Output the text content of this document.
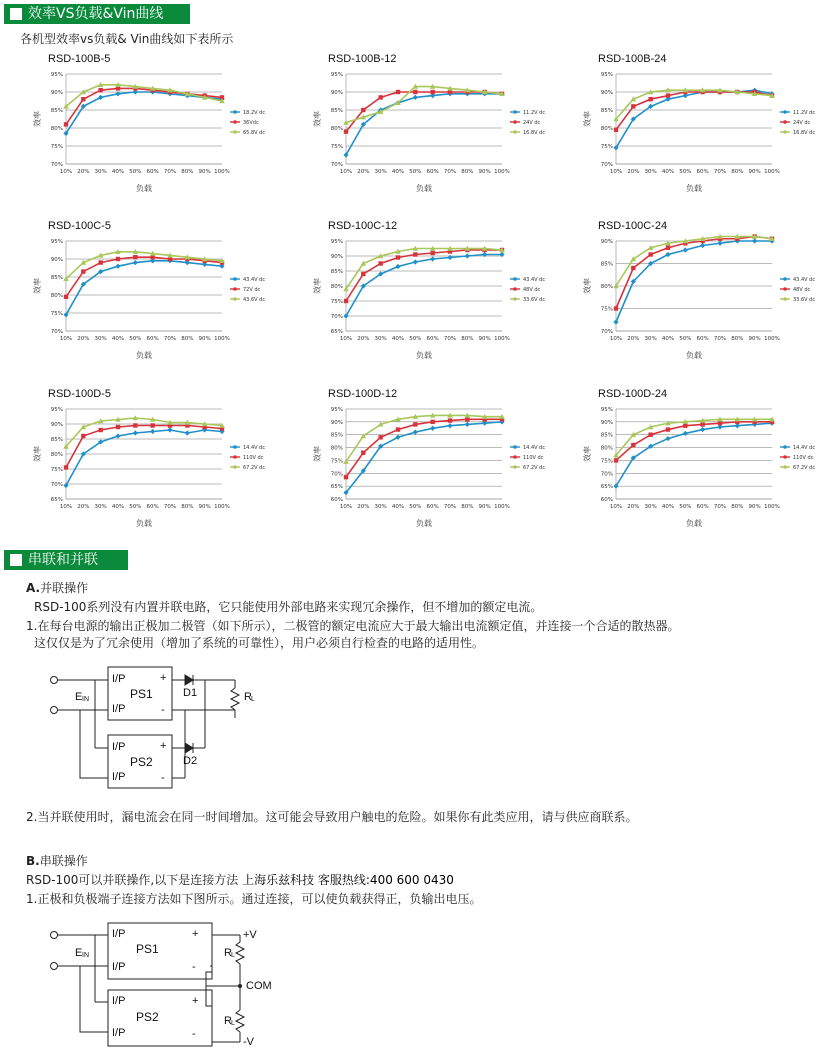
效率VS负载&Vin曲线
各机型效率vs负载& Vin曲线如下表所示
RSD-100B-5
70%
75%
80%
85%
90%
95%
10% 20% 30% 40% 50% 60% 70% 80% 90% 100%
负载
效率	18.2V dc
36Vdc
65.8V dc
RSD-100B-12
70%
75%
80%
85%
90%
95%
10% 20% 30% 40% 50% 60% 70% 80% 90% 100%
负载
效率	11.2V dc
24V dc
16.8V dc
RSD-100B-24
70%
75%
80%
85%
90%
95%
10% 20% 30% 40% 50% 60% 70% 80% 90% 100%
负载
效率	11.2V dc
24V dc
16.8V dc
RSD-100C-5
70%
75%
80%
85%
90%
95%
10% 20% 30% 40% 50% 60% 70% 80% 90% 100%
负载
效率	43.4V dc
72V dc
43.6V dc
RSD-100C-12
65%
70%
75%
80%
85%
90%
95%
10% 20% 30% 40% 50% 60% 70% 80% 90% 100%
负载
效率	43.4V dc
48V dc
33.6V dc
RSD-100C-24
70%
75%
80%
85%
90%
10% 20% 30% 40% 50% 60% 70% 80% 90% 100%
负载
效率	43.4V dc
48V dc
33.6V dc
RSD-100D-5
65%
70%
75%
80%
85%
90%
95%
10% 20% 30% 40% 50% 60% 70% 80% 90% 100%
负载
效率	14.4V dc
110V dc
67.2V dc
RSD-100D-12
60%
65%
70%
75%
80%
85%
90%
95%
10% 20% 30% 40% 50% 60% 70% 80% 90% 100%
负载
效率	14.4V dc
110V dc
67.2V dc
RSD-100D-24
60%
65%
70%
75%
80%
85%
90%
95%
10% 20% 30% 40% 50% 60% 70% 80% 90% 100%
负载
效率	14.4V dc
110V dc
67.2V dc
串联和并联
A.并联操作
RSD-100系列没有内置并联电路，它只能使用外部电路来实现冗余操作，但不增加的额定电流。
1.在每台电源的输出正极加二极管（如下所示），二极管的额定电流应大于最大输出电流额定值，并连接一个合适的散热器。
这仅仅是为了冗余使用（增加了系统的可靠性），用户必须自行检查的电路的适用性。
E IN
I/P
I/P
PS1
+
-
I/P
I/P
PS2
+
-
D1
D2
R L
2.当并联使用时，漏电流会在同一时间增加。这可能会导致用户触电的危险。如果你有此类应用，请与供应商联系。
B.串联操作
RSD-100可以并联操作,以下是连接方法 上海乐兹科技 客服热线:400 600 0430
1.正极和负极端子连接方法如下图所示。通过连接，可以使负载获得正，负输出电压。
E IN
I/P
I/P
PS1
+
-
I/P
I/P
PS2
+
-
R L
R L
+V
COM
-V
